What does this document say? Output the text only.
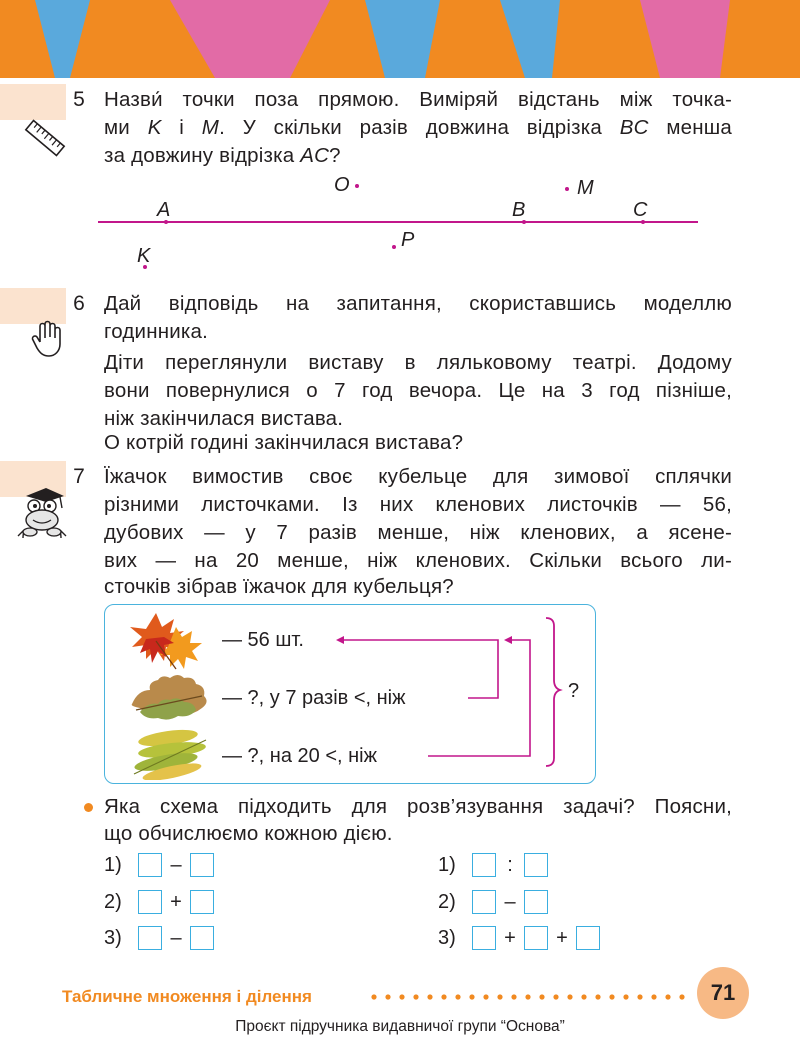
5 Назви́ точки поза прямою. Виміряй відстань між точка-
ми K і M. У скільки разів довжина відрізка BC менша
за довжину відрізка AC?
A	B	C
O	M
K
P
6 Дай відповідь на запитання, скориставшись моделлю
годинника.
Діти переглянули виставу в ляльковому театрі. Додому
вони повернулися о 7 год вечора. Це на 3 год пізніше,
ніж закінчилася вистава.
О котрій годині закінчилася вистава?
7 Їжачок вимостив своє кубельце для зимової сплячки
різними листочками. Із них кленових листочків — 56,
дубових — у 7 разів менше, ніж кленових, а ясене-
вих — на 20 менше, ніж кленових. Скільки всього ли-
сточків зібрав їжачок для кубельця?
— 56 шт.
— ?, у 7 разів <, ніж
— ?, на 20 <, ніж
?
Яка схема підходить для розв’язування задачі? Поясни,
що обчислюємо кожною дією.
1)	–
2)	+
3)	–
1)	:
2)	–
3)	+	+
Табличне множення і ділення	71
Проєкт підручника видавничої групи “Основа”
